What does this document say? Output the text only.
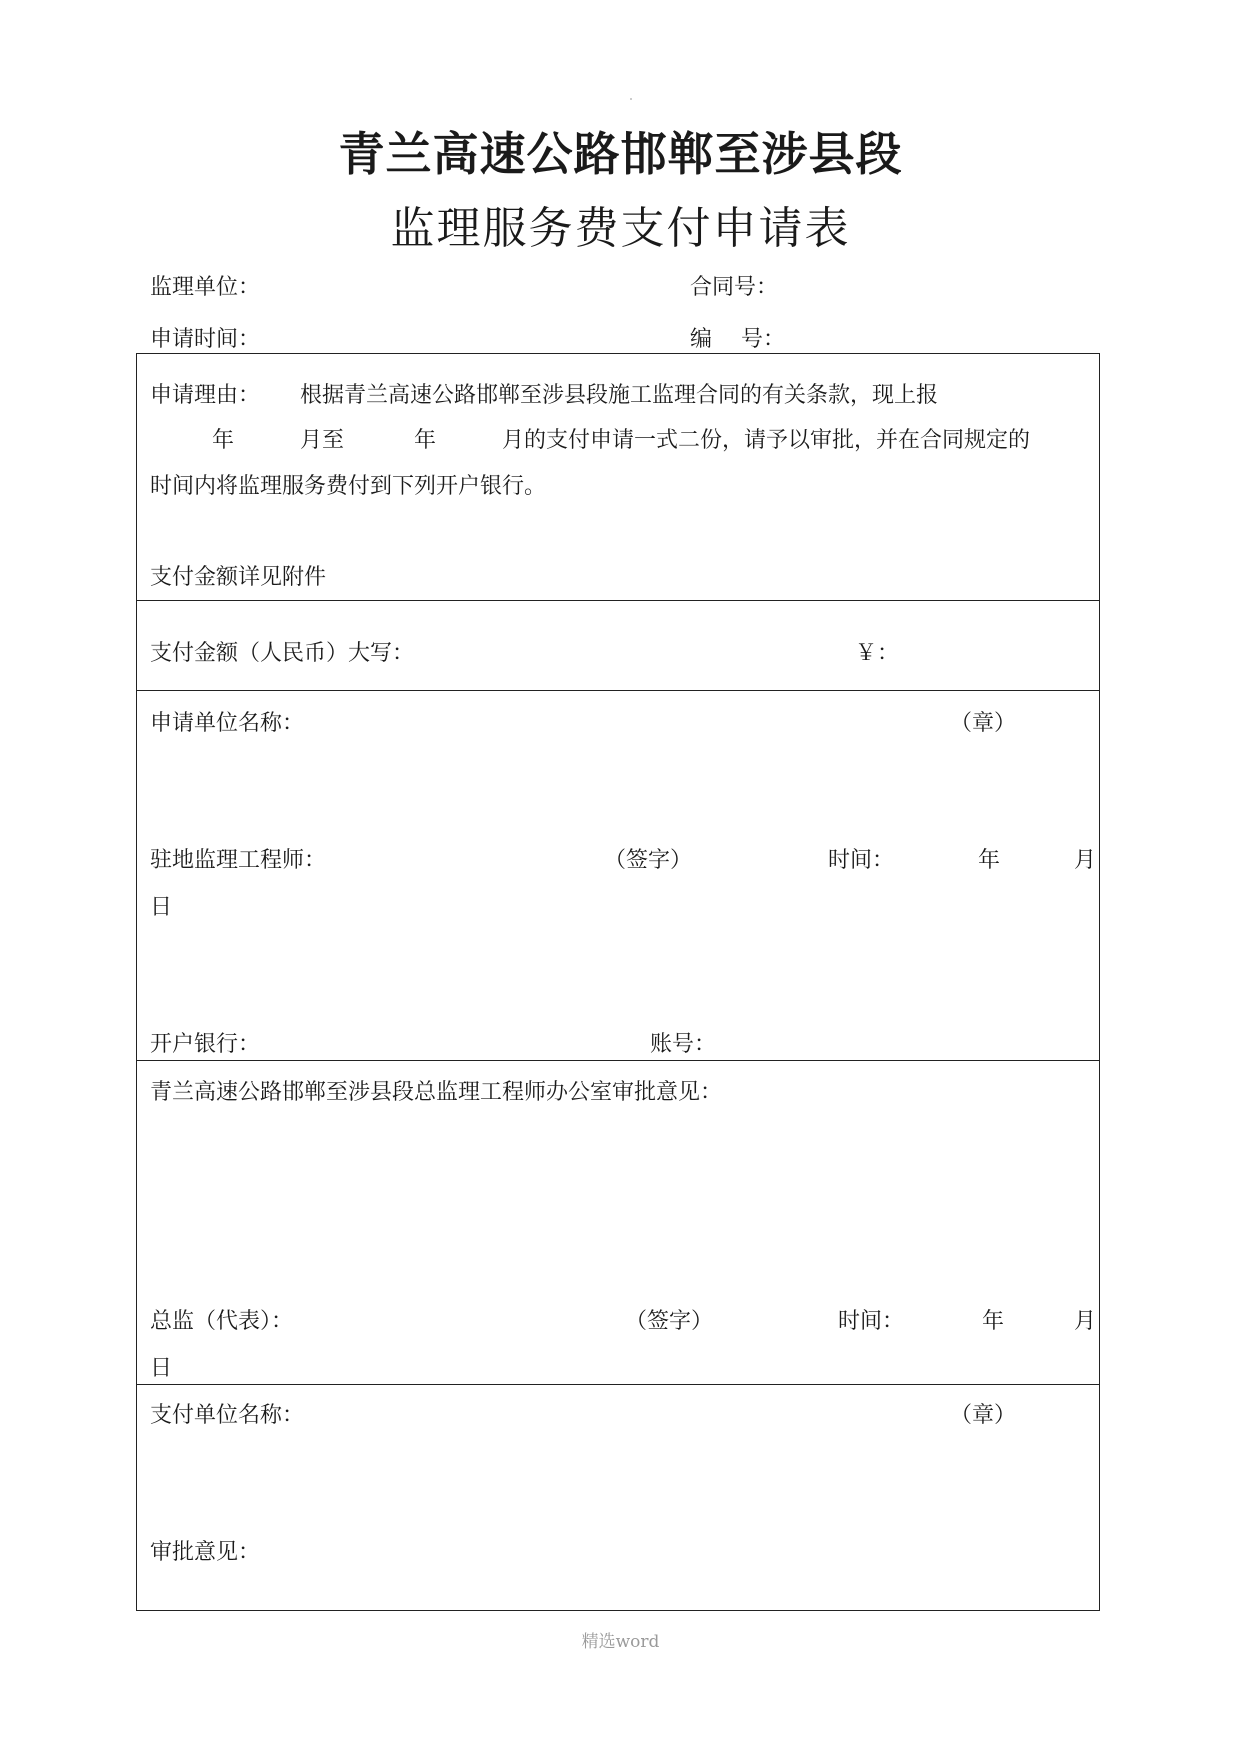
青兰高速公路邯郸至涉县段
监理服务费支付申请表
监理单位：	合同号：
申请时间：	编　 号：
申请理由： 根据青兰高速公路邯郸至涉县段施工监理合同的有关条款，现上报
年	月至	年	月的支付申请一式二份，请予以审批，并在合同规定的
时间内将监理服务费付到下列开户银行。
支付金额详见附件
支付金额（人民币）大写：	￥：
申请单位名称：	（章）
驻地监理工程师：	（签字）	时间：	年	月
日
开户银行：	账号：
青兰高速公路邯郸至涉县段总监理工程师办公室审批意见：
总监（代表）：	（签字）	时间：	年	月
日
支付单位名称：	（章）
审批意见：
精选word
